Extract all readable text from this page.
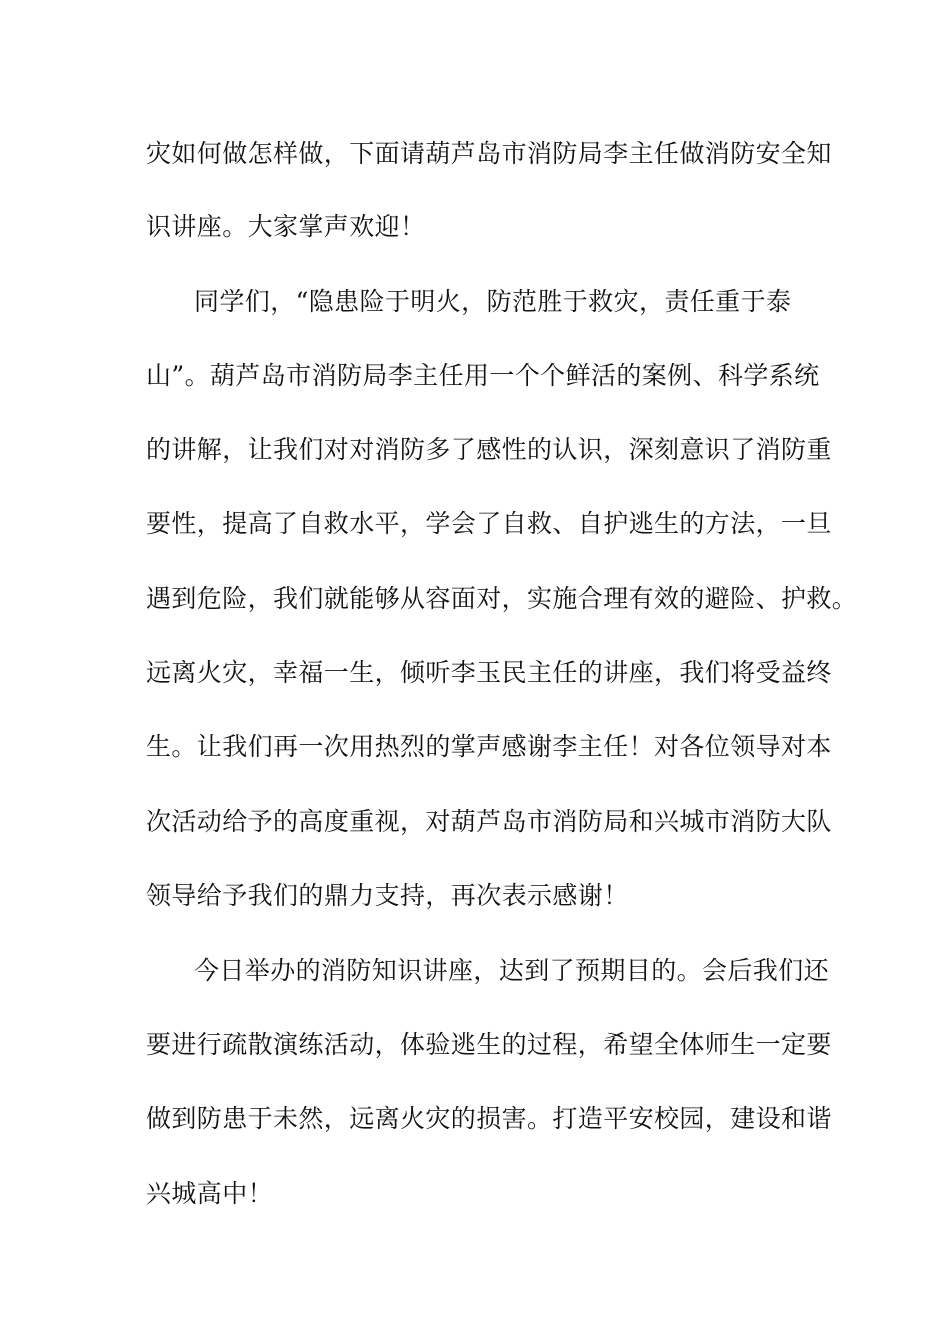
灾如何做怎样做，下面请葫芦岛市消防局李主任做消防安全知
识讲座。大家掌声欢迎！
同学们，“隐患险于明火，防范胜于救灾，责任重于泰
山”。葫芦岛市消防局李主任用一个个鲜活的案例、科学系统
的讲解，让我们对对消防多了感性的认识，深刻意识了消防重
要性，提高了自救水平，学会了自救、自护逃生的方法，一旦
遇到危险，我们就能够从容面对，实施合理有效的避险、护救。
远离火灾，幸福一生，倾听李玉民主任的讲座，我们将受益终
生。让我们再一次用热烈的掌声感谢李主任！对各位领导对本
次活动给予的高度重视，对葫芦岛市消防局和兴城市消防大队
领导给予我们的鼎力支持，再次表示感谢！
今日举办的消防知识讲座，达到了预期目的。会后我们还
要进行疏散演练活动，体验逃生的过程，希望全体师生一定要
做到防患于未然，远离火灾的损害。打造平安校园，建设和谐
兴城高中！
